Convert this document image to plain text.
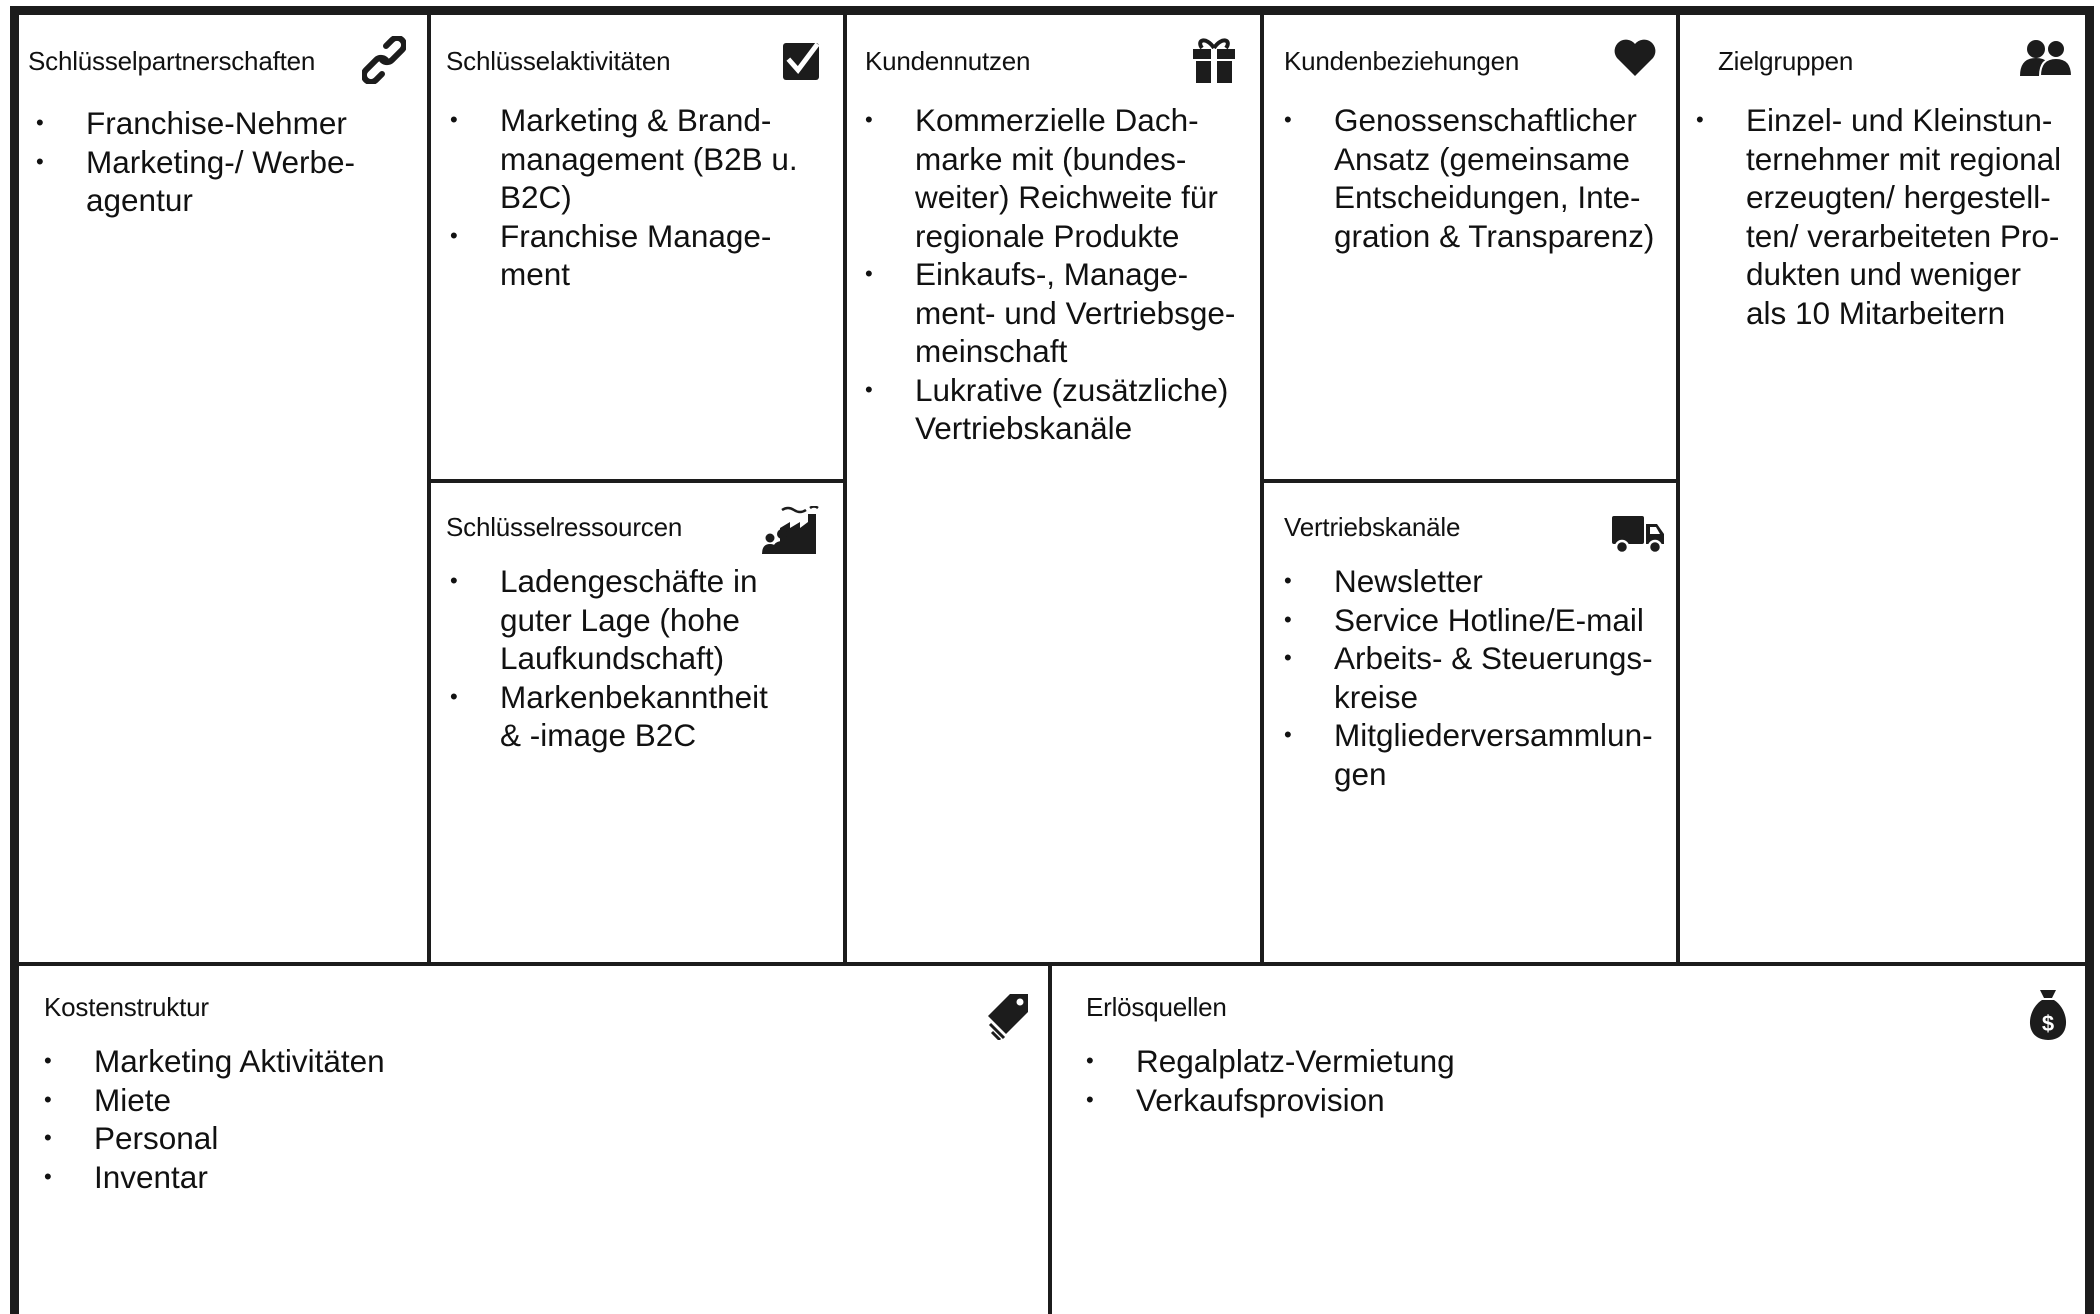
Schlüsselpartnerschaften
• Franchise-Nehmer
• Marketing-/ Werbe-
agentur
Schlüsselaktivitäten
• Marketing & Brand-
management (B2B u.
B2C)
• Franchise Manage-
ment
Schlüsselressourcen
• Ladengeschäfte in
guter Lage (hohe
Laufkundschaft)
• Markenbekanntheit
& -image B2C
Kundennutzen
• Kommerzielle Dach-
marke mit (bundes-
weiter) Reichweite für
regionale Produkte
• Einkaufs-, Manage-
ment- und Vertriebsge-
meinschaft
• Lukrative (zusätzliche)
Vertriebskanäle
Kundenbeziehungen
• Genossenschaftlicher
Ansatz (gemeinsame
Entscheidungen, Inte-
gration & Transparenz)
Vertriebskanäle
• Newsletter
• Service Hotline/E-mail
• Arbeits- & Steuerungs-
kreise
• Mitgliederversammlun-
gen
Zielgruppen
• Einzel- und Kleinstun-
ternehmer mit regional
erzeugten/ hergestell-
ten/ verarbeiteten Pro-
dukten und weniger
als 10 Mitarbeitern
Kostenstruktur
• Marketing Aktivitäten
• Miete
• Personal
• Inventar
Erlösquellen
$
• Regalplatz-Vermietung
• Verkaufsprovision
